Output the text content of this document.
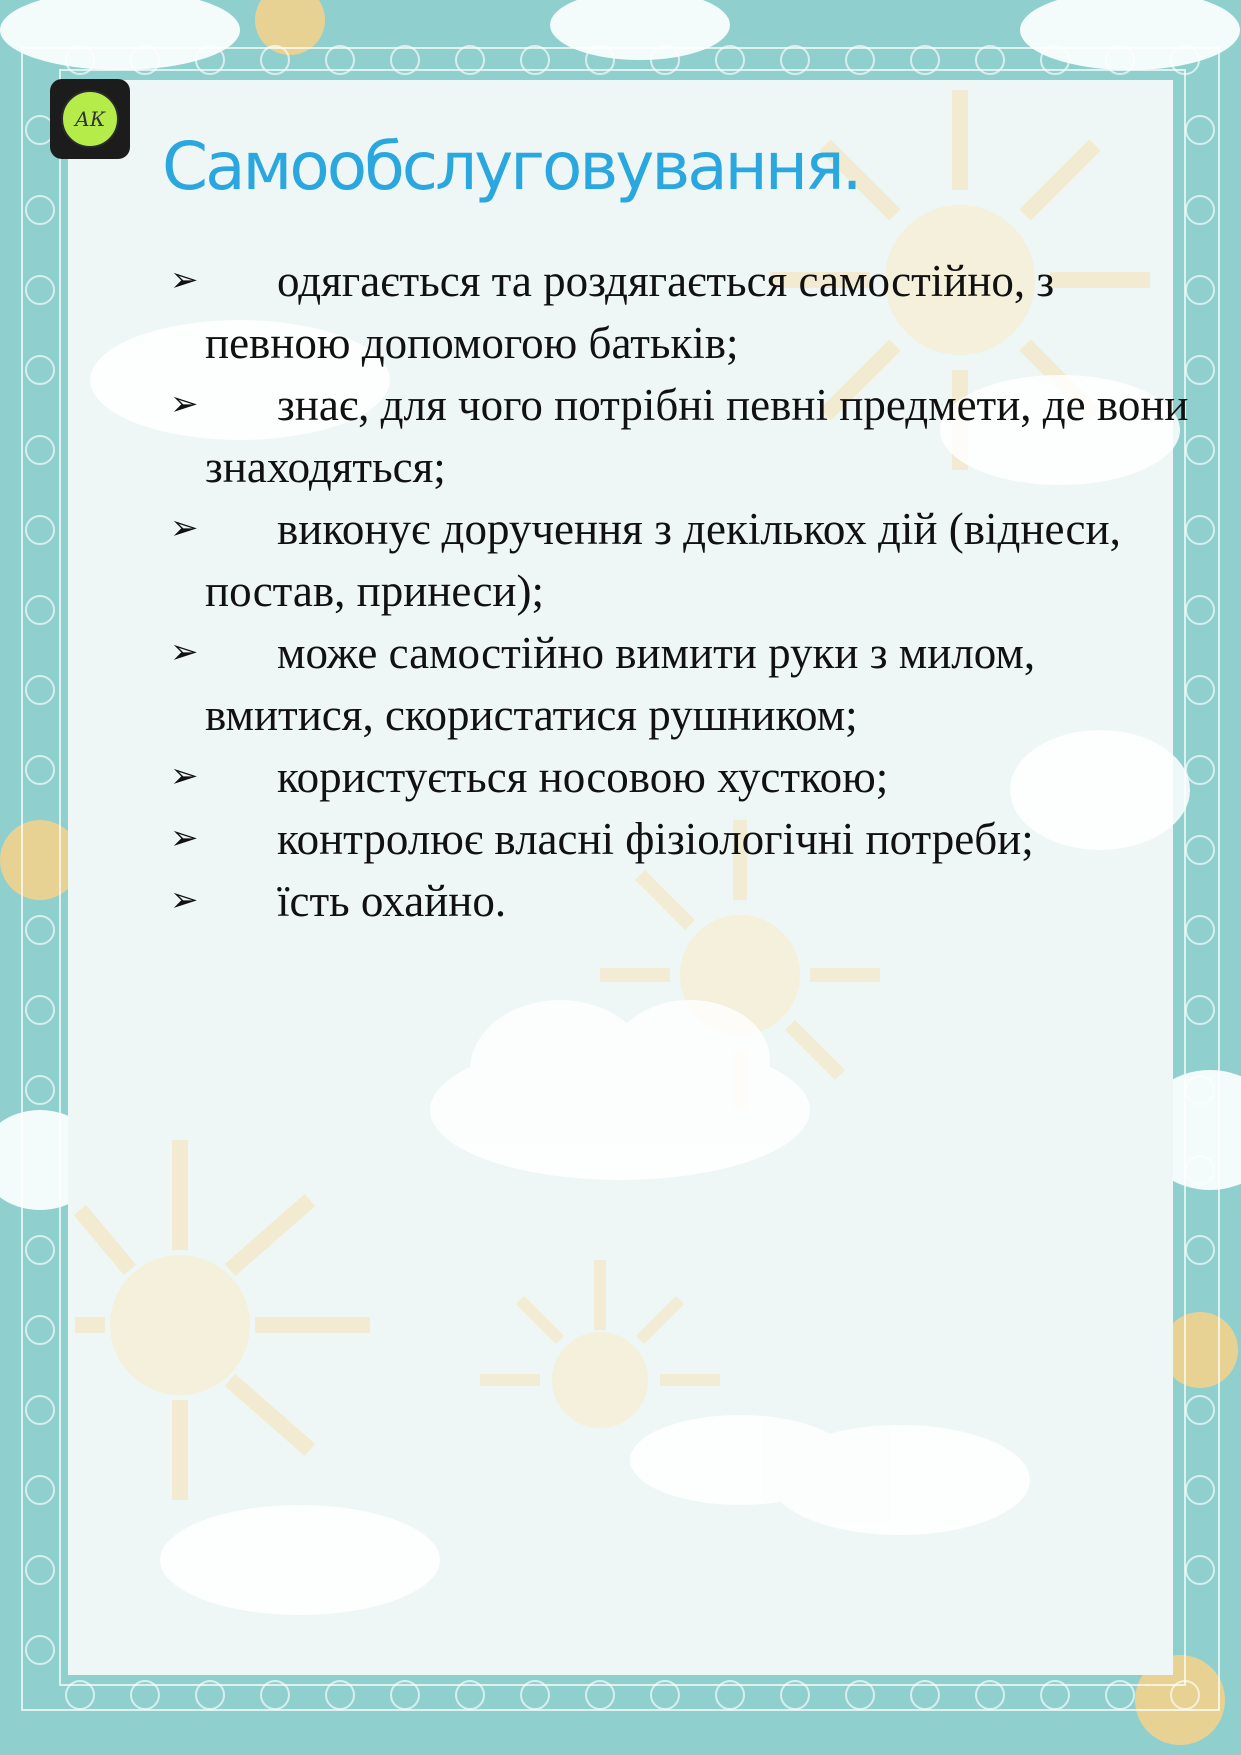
АК
Самообслуговування.
➢ одягається та роздягається самостійно, з певною допомогою батьків;
➢ знає, для чого потрібні певні предмети, де вони знаходяться;
➢ виконує доручення з декількох дій (віднеси, постав, принеси);
➢ може самостійно вимити руки з милом, вмитися, скористатися рушником;
➢ користується носовою хусткою;
➢ контролює власні фізіологічні потреби;
➢ їсть охайно.
